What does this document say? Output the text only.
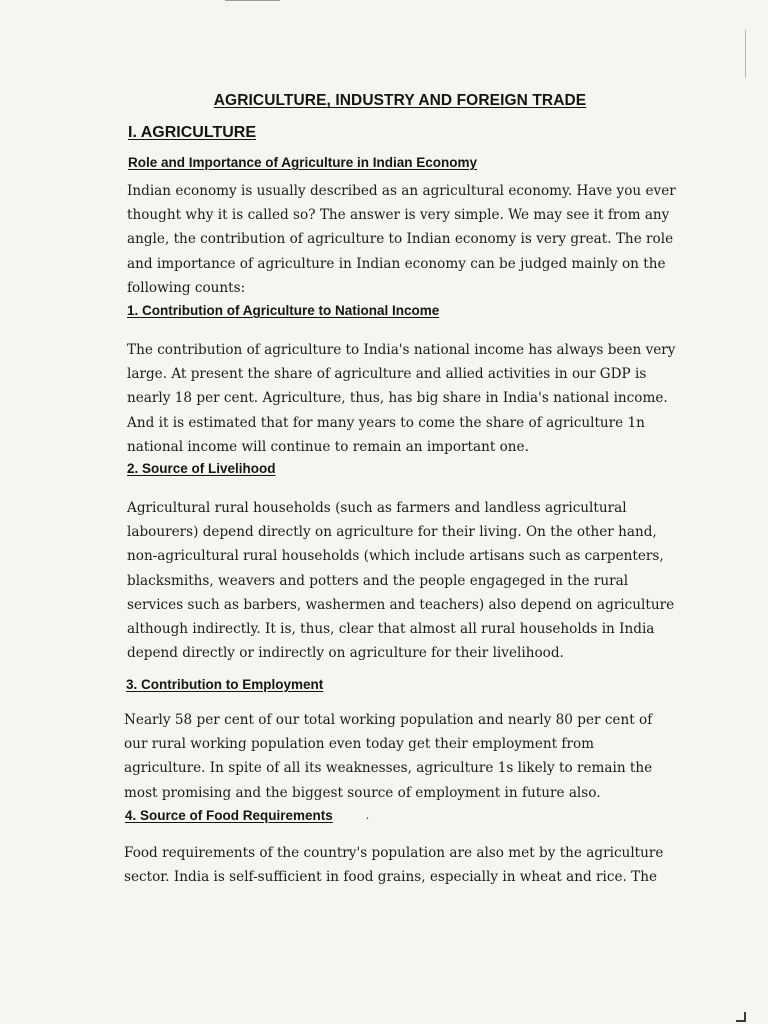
AGRICULTURE, INDUSTRY AND FOREIGN TRADE
I. AGRICULTURE
Role and Importance of Agriculture in Indian Economy

Indian economy is usually described as an agricultural economy. Have you ever
thought why it is called so? The answer is very simple. We may see it from any
angle, the contribution of agriculture to Indian economy is very great. The role
and importance of agriculture in Indian economy can be judged mainly on the
following counts:

1. Contribution of Agriculture to National Income

The contribution of agriculture to India's national income has always been very
large. At present the share of agriculture and allied activities in our GDP is
nearly 18 per cent. Agriculture, thus, has big share in India's national income.
And it is estimated that for many years to come the share of agriculture 1n
national income will continue to remain an important one.

2. Source of Livelihood

Agricultural rural households (such as farmers and landless agricultural
labourers) depend directly on agriculture for their living. On the other hand,
non-agricultural rural households (which include artisans such as carpenters,
blacksmiths, weavers and potters and the people engageged in the rural
services such as barbers, washermen and teachers) also depend on agriculture
although indirectly. It is, thus, clear that almost all rural households in India
depend directly or indirectly on agriculture for their livelihood.

3. Contribution to Employment

Nearly 58 per cent of our total working population and nearly 80 per cent of
our rural working population even today get their employment from
agriculture. In spite of all its weaknesses, agriculture 1s likely to remain the
most promising and the biggest source of employment in future also.

4. Source of Food Requirements	,

Food requirements of the country's population are also met by the agriculture
sector. India is self-sufficient in food grains, especially in wheat and rice. The
